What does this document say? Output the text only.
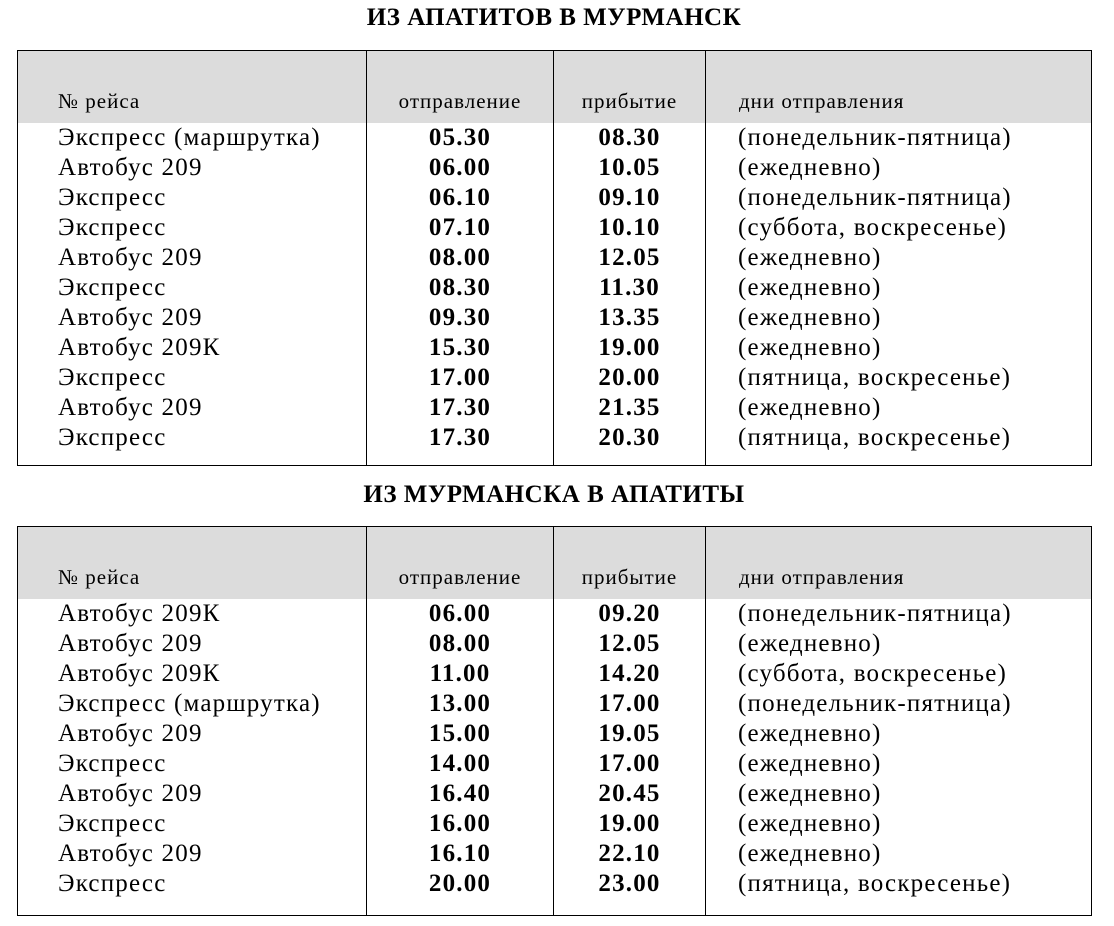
ИЗ АПАТИТОВ В МУРМАНСК
№ рейса	отправление	прибытие	дни отправления
Экспресс (маршрутка)	05.30	08.30	(понедельник-пятница)
Автобус 209	06.00	10.05	(ежедневно)
Экспресс	06.10	09.10	(понедельник-пятница)
Экспресс	07.10	10.10	(суббота, воскресенье)
Автобус 209	08.00	12.05	(ежедневно)
Экспресс	08.30	11.30	(ежедневно)
Автобус 209	09.30	13.35	(ежедневно)
Автобус 209К	15.30	19.00	(ежедневно)
Экспресс	17.00	20.00	(пятница, воскресенье)
Автобус 209	17.30	21.35	(ежедневно)
Экспресс	17.30	20.30	(пятница, воскресенье)

ИЗ МУРМАНСКА В АПАТИТЫ
№ рейса	отправление	прибытие	дни отправления
Автобус 209К	06.00	09.20	(понедельник-пятница)
Автобус 209	08.00	12.05	(ежедневно)
Автобус 209К	11.00	14.20	(суббота, воскресенье)
Экспресс (маршрутка)	13.00	17.00	(понедельник-пятница)
Автобус 209	15.00	19.05	(ежедневно)
Экспресс	14.00	17.00	(ежедневно)
Автобус 209	16.40	20.45	(ежедневно)
Экспресс	16.00	19.00	(ежедневно)
Автобус 209	16.10	22.10	(ежедневно)
Экспресс	20.00	23.00	(пятница, воскресенье)
